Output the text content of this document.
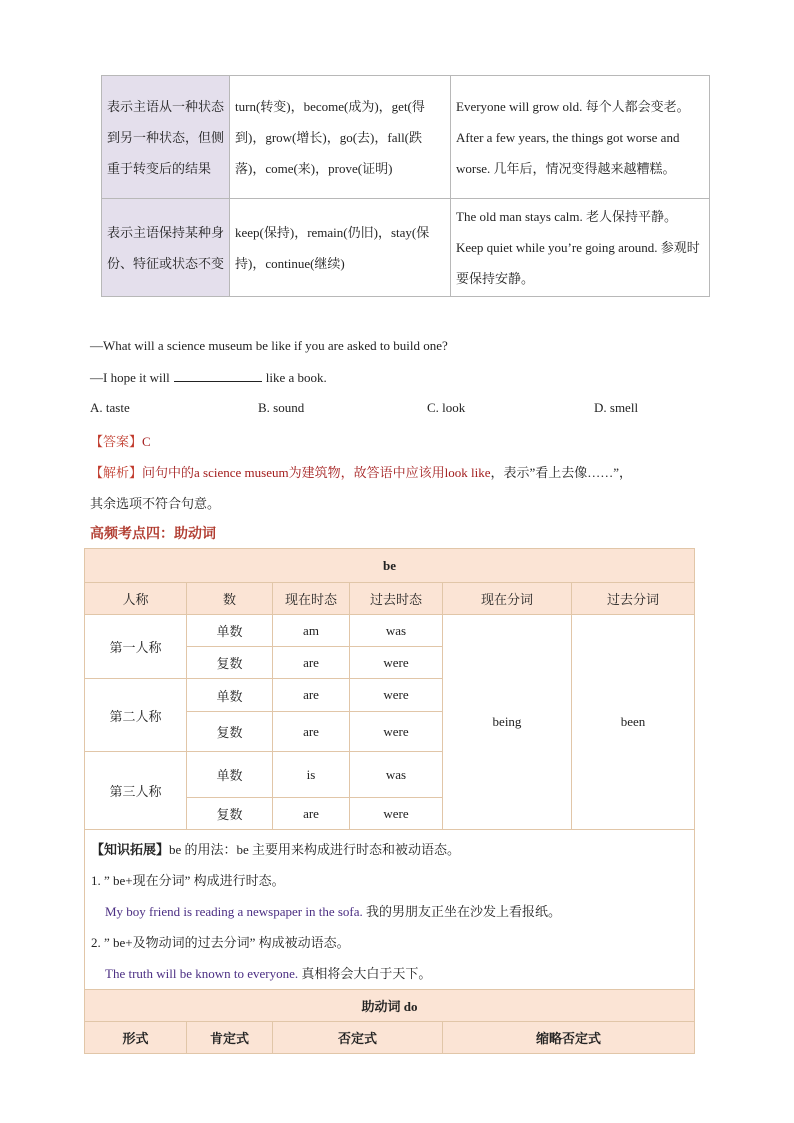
表示主语从一种状态到另一种状态，但侧重于转变后的结果	turn(转变)，become(成为)，get(得到)，grow(增长)，go(去)，fall(跌落)，come(来)，prove(证明)	Everyone will grow old. 每个人都会变老。
After a few years, the things got worse and worse. 几年后，情况变得越来越糟糕。
表示主语保持某种身份、特征或状态不变	keep(保持)，remain(仍旧)，stay(保持)，continue(继续)	The old man stays calm. 老人保持平静。
Keep quiet while you’re going around. 参观时要保持安静。
—What will a science museum be like if you are asked to build one?
—I hope it will	like a book.
A. taste	B. sound	C. look	D. smell
【答案】C
【解析】问句中的a science museum为建筑物，故答语中应该用look like，表示”看上去像……”，
其余选项不符合句意。
高频考点四：助动词
be					
人称	数	现在时态	过去时态	现在分词	过去分词
第一人称	单数	am	was	being	been
	复数	are	were		
第二人称	单数	are	were		
	复数	are	were		
第三人称	单数	is	was		
	复数	are	were		

【知识拓展】be 的用法：be 主要用来构成进行时态和被动语态。
1. ” be+现在分词” 构成进行时态。
My boy friend is reading a newspaper in the sofa. 我的男朋友正坐在沙发上看报纸。
2. ” be+及物动词的过去分词” 构成被动语态。
The truth will be known to everyone. 真相将会大白于天下。					

助动词 do					
形式	肯定式	否定式		缩略否定式	
